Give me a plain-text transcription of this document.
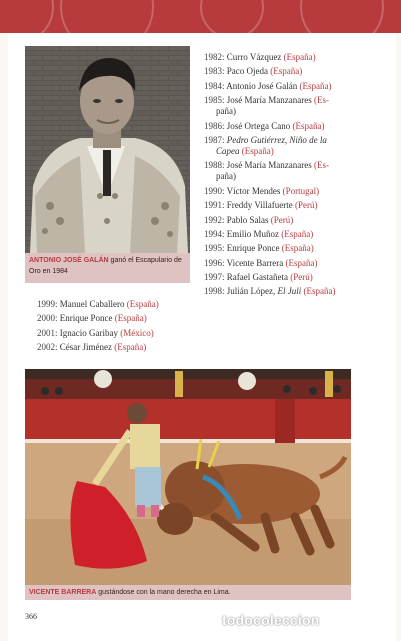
ANTONIO JOSÉ GALÁN ganó el Escapulario de Oro en 1984
1982: Curro Vázquez (España)
1983: Paco Ojeda (España)
1984: Antonio José Galán (España)
1985: José María Manzanares (Es-
paña)
1986: José Ortega Cano (España)
1987: Pedro Gutiérrez, Niño de la
Capea (España)
1988: José María Manzanares (Es-
paña)
1990: Víctor Mendes (Portugal)
1991: Freddy Villafuerte (Perú)
1992: Pablo Salas (Perú)
1994: Emilio Muñoz (España)
1995: Enrique Ponce (España)
1996: Vicente Barrera (España)
1997: Rafael Gastañeta (Perú)
1998: Julián López, El Juli (España)
1999: Manuel Caballero (España)
2000: Enrique Ponce (España)
2001: Ignacio Garibay (México)
2002: César Jiménez (España)
VICENTE BARRERA gustándose con la mano derecha en Lima.
366	todocoleccion
